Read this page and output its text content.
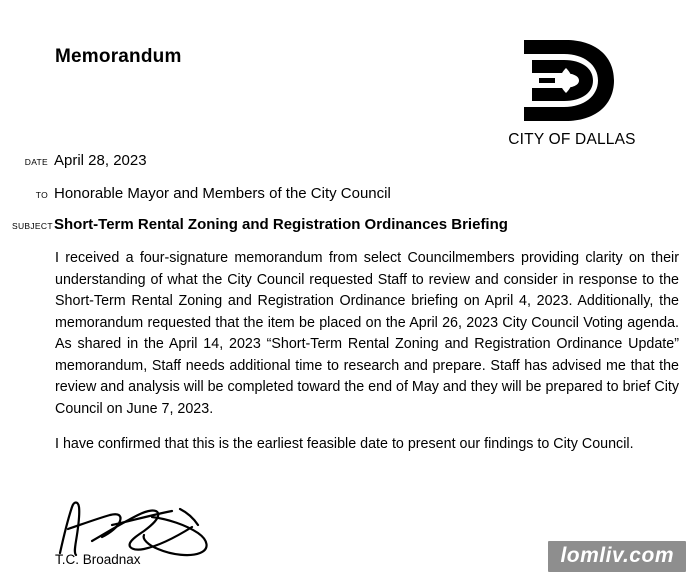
Memorandum
CITY OF DALLAS
DATE April 28, 2023
TO Honorable Mayor and Members of the City Council
SUBJECT Short-Term Rental Zoning and Registration Ordinances Briefing
I received a four-signature memorandum from select Councilmembers providing clarity on their understanding of what the City Council requested Staff to review and consider in response to the Short-Term Rental Zoning and Registration Ordinance briefing on April 4, 2023. Additionally, the memorandum requested that the item be placed on the April 26, 2023 City Council Voting agenda. As shared in the April 14, 2023 “Short-Term Rental Zoning and Registration Ordinance Update” memorandum, Staff needs additional time to research and prepare. Staff has advised me that the review and analysis will be completed toward the end of May and they will be prepared to brief City Council on June 7, 2023.
I have confirmed that this is the earliest feasible date to present our findings to City Council.
T.C. Broadnax	lomliv.com
